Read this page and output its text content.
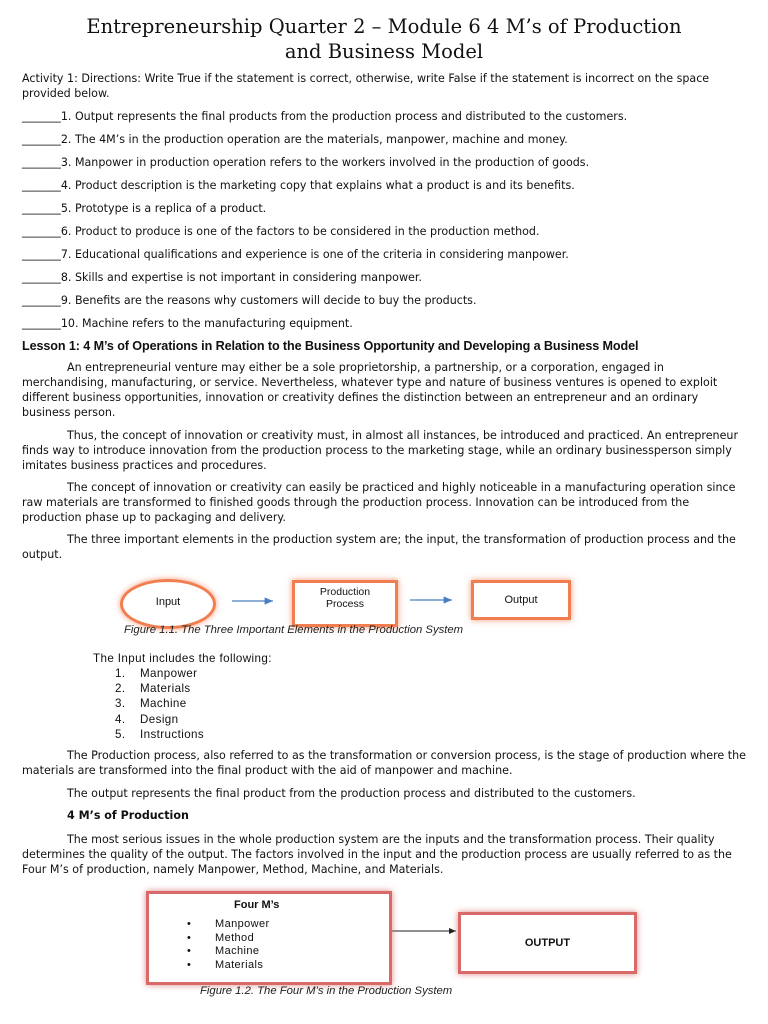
Entrepreneurship Quarter 2 – Module 6 4 M’s of Production
and Business Model
Activity 1: Directions: Write True if the statement is correct, otherwise, write False if the statement is incorrect on the space provided below.
_______1. Output represents the final products from the production process and distributed to the customers.
_______2. The 4M’s in the production operation are the materials, manpower, machine and money.
_______3. Manpower in production operation refers to the workers involved in the production of goods.
_______4. Product description is the marketing copy that explains what a product is and its benefits.
_______5. Prototype is a replica of a product.
_______6. Product to produce is one of the factors to be considered in the production method.
_______7. Educational qualifications and experience is one of the criteria in considering manpower.
_______8. Skills and expertise is not important in considering manpower.
_______9. Benefits are the reasons why customers will decide to buy the products.
_______10. Machine refers to the manufacturing equipment.
Lesson 1: 4 M’s of Operations in Relation to the Business Opportunity and Developing a Business Model

An entrepreneurial venture may either be a sole proprietorship, a partnership, or a corporation, engaged in merchandising, manufacturing, or service. Nevertheless, whatever type and nature of business ventures is opened to exploit different business opportunities, innovation or creativity defines the distinction between an entrepreneur and an ordinary business person.

Thus, the concept of innovation or creativity must, in almost all instances, be introduced and practiced. An entrepreneur finds way to introduce innovation from the production process to the marketing stage, while an ordinary businessperson simply imitates business practices and procedures.

The concept of innovation or creativity can easily be practiced and highly noticeable in a manufacturing operation since raw materials are transformed to finished goods through the production process. Innovation can be introduced from the production phase up to packaging and delivery.

The three important elements in the production system are; the input, the transformation of production process and the output.

Input
Production
Process	Output
Figure 1.1. The Three Important Elements in the Production System
The Input includes the following:
1. Manpower
2. Materials
3. Machine
4. Design
5. Instructions

The Production process, also referred to as the transformation or conversion process, is the stage of production where the materials are transformed into the final product with the aid of manpower and machine.

The output represents the final product from the production process and distributed to the customers.

4 M’s of Production

The most serious issues in the whole production system are the inputs and the transformation process. Their quality determines the quality of the output. The factors involved in the input and the production process are usually referred to as the Four M’s of production, namely Manpower, Method, Machine, and Materials.

Four M’s
• Manpower
• Method
• Machine
• Materials
OUTPUT
Figure 1.2. The Four M’s in the Production System
